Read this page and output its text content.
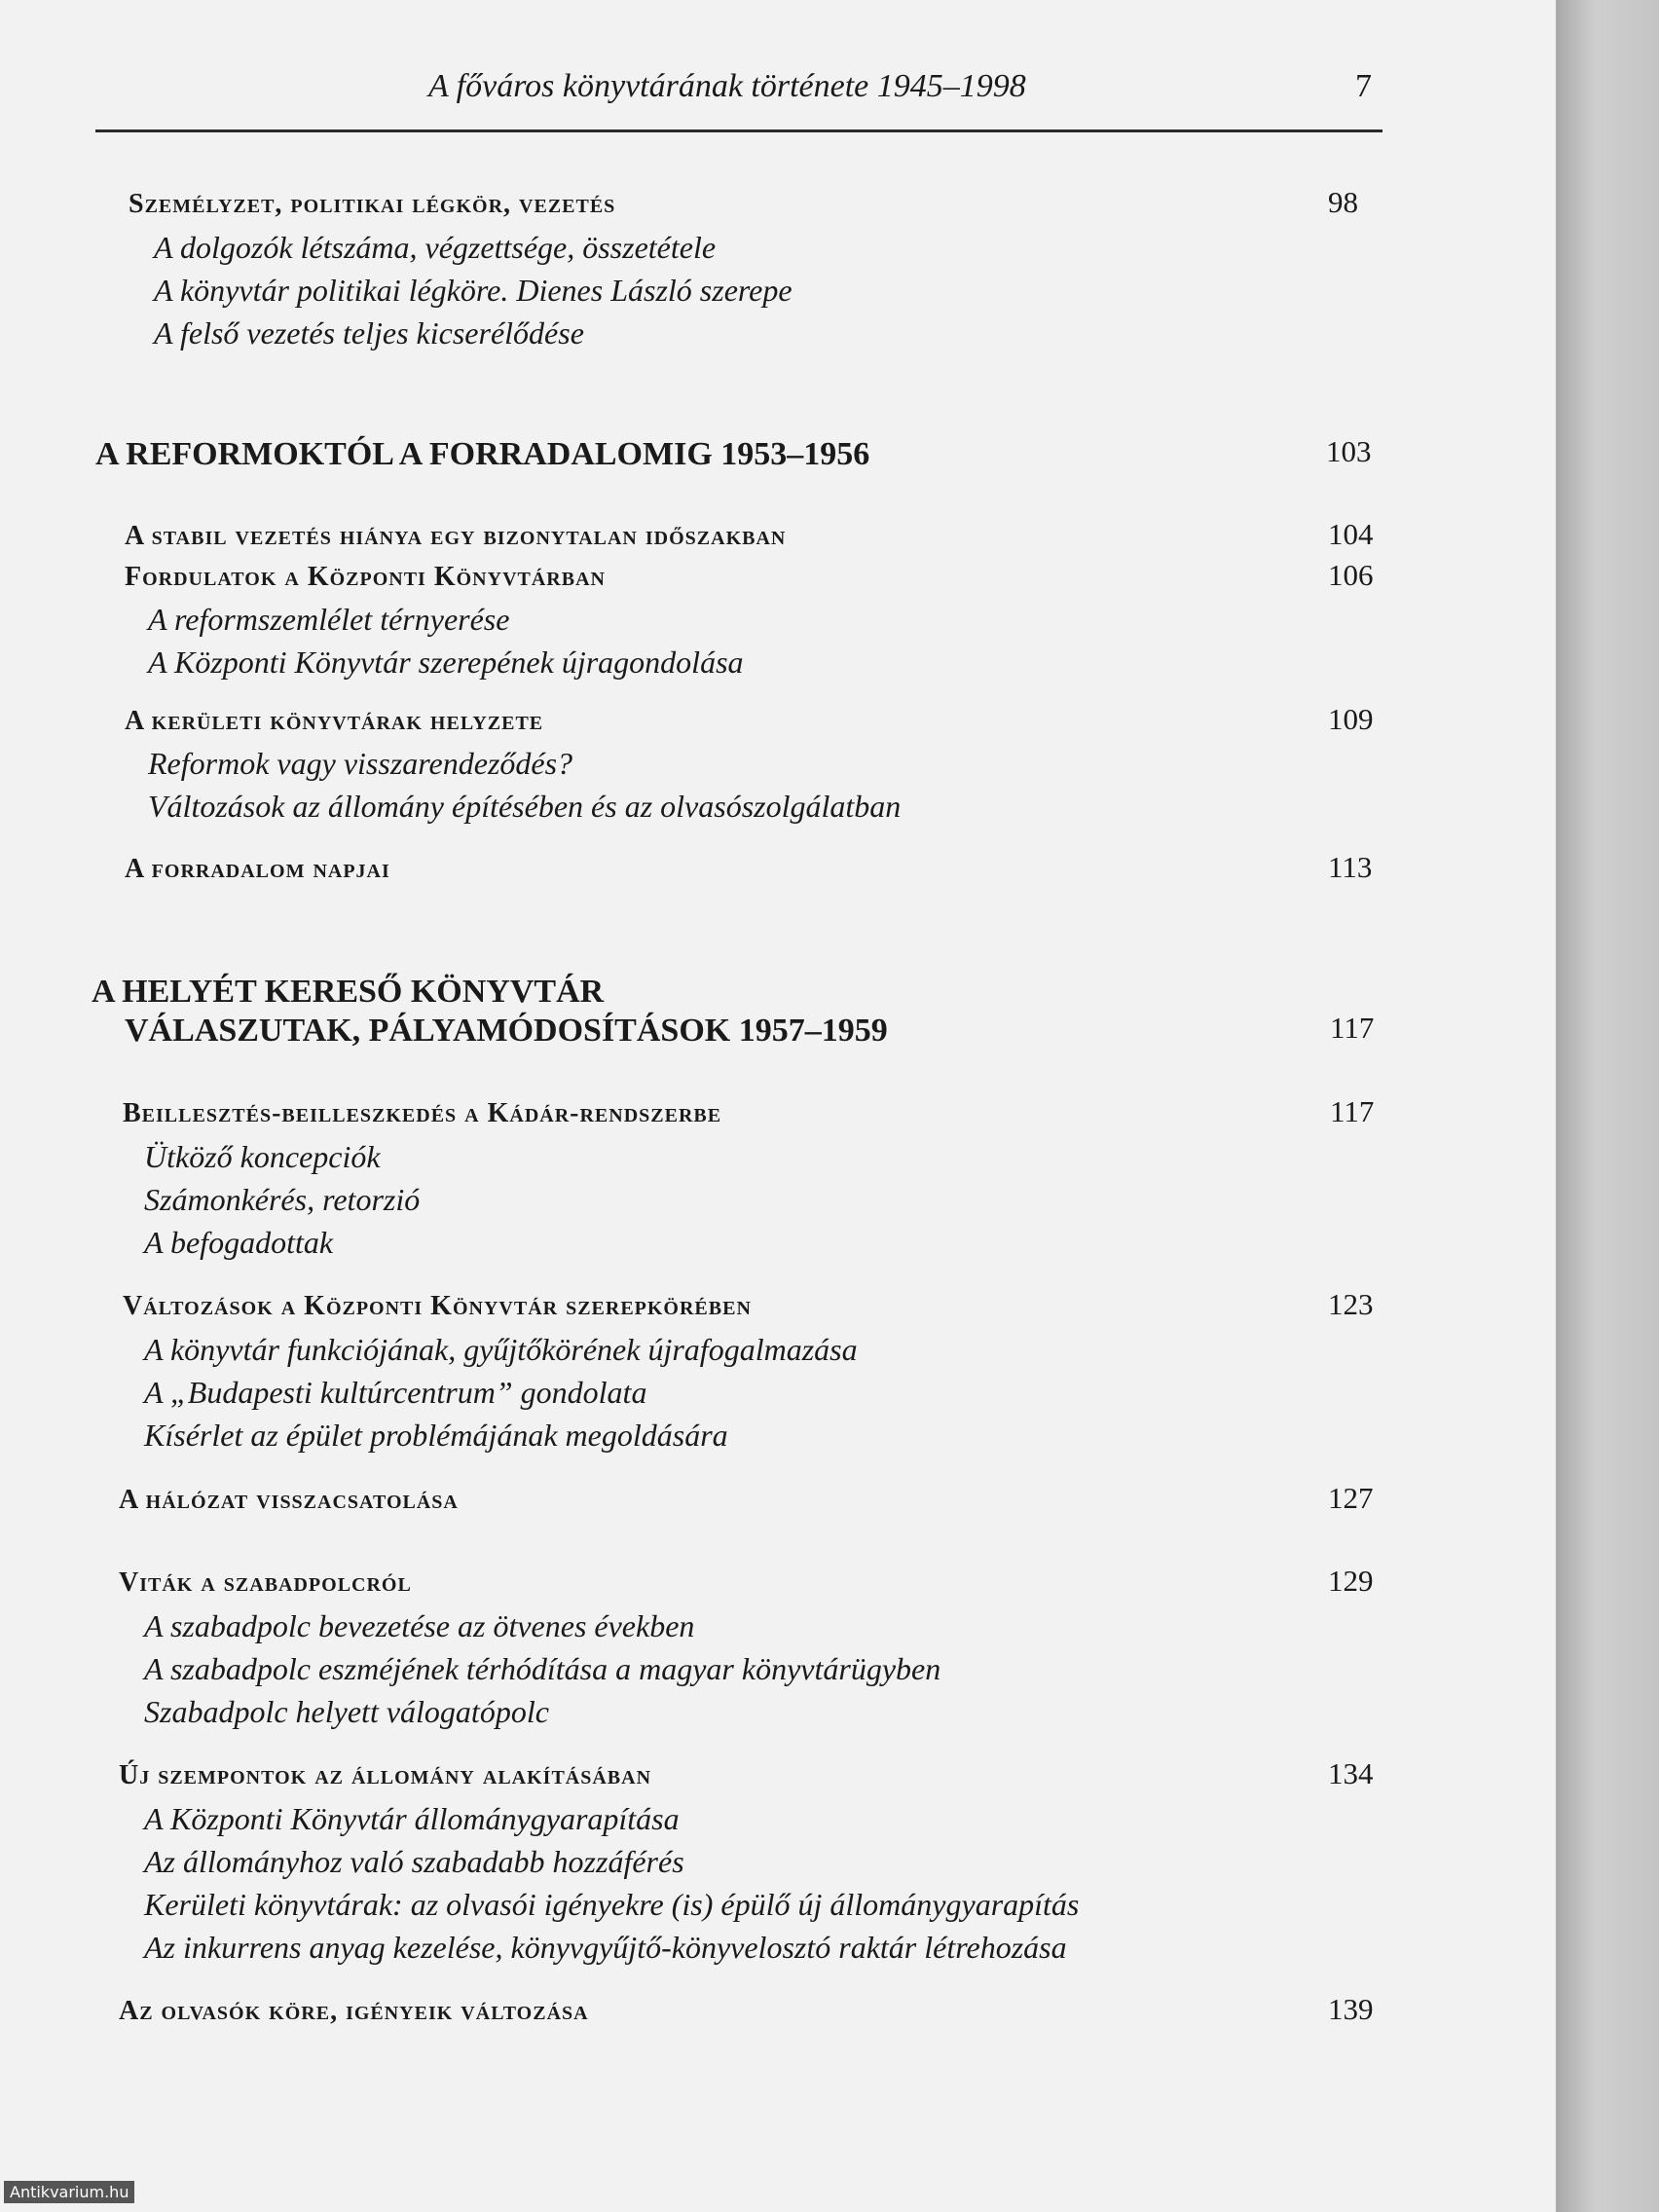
A főváros könyvtárának története 1945–1998	7
Személyzet, politikai légkör, vezetés	98
A dolgozók létszáma, végzettsége, összetétele
A könyvtár politikai légköre. Dienes László szerepe
A felső vezetés teljes kicserélődése
A REFORMOKTÓL A FORRADALOMIG 1953–1956	103
A stabil vezetés hiánya egy bizonytalan időszakban	104
Fordulatok a Központi Könyvtárban	106
A reformszemlélet térnyerése
A Központi Könyvtár szerepének újragondolása
A kerületi könyvtárak helyzete	109
Reformok vagy visszarendeződés?
Változások az állomány építésében és az olvasószolgálatban
A forradalom napjai	113
A HELYÉT KERESŐ KÖNYVTÁR
VÁLASZUTAK, PÁLYAMÓDOSÍTÁSOK 1957–1959	117
Beillesztés-beilleszkedés a Kádár-rendszerbe	117
Ütköző koncepciók
Számonkérés, retorzió
A befogadottak
Változások a Központi Könyvtár szerepkörében	123
A könyvtár funkciójának, gyűjtőkörének újrafogalmazása
A „Budapesti kultúrcentrum” gondolata
Kísérlet az épület problémájának megoldására
A hálózat visszacsatolása	127
Viták a szabadpolcról	129
A szabadpolc bevezetése az ötvenes években
A szabadpolc eszméjének térhódítása a magyar könyvtárügyben
Szabadpolc helyett válogatópolc
Új szempontok az állomány alakításában	134
A Központi Könyvtár állománygyarapítása
Az állományhoz való szabadabb hozzáférés
Kerületi könyvtárak: az olvasói igényekre (is) épülő új állománygyarapítás
Az inkurrens anyag kezelése, könyvgyűjtő-könyvelosztó raktár létrehozása
Az olvasók köre, igényeik változása	139
Antikvarium.hu
